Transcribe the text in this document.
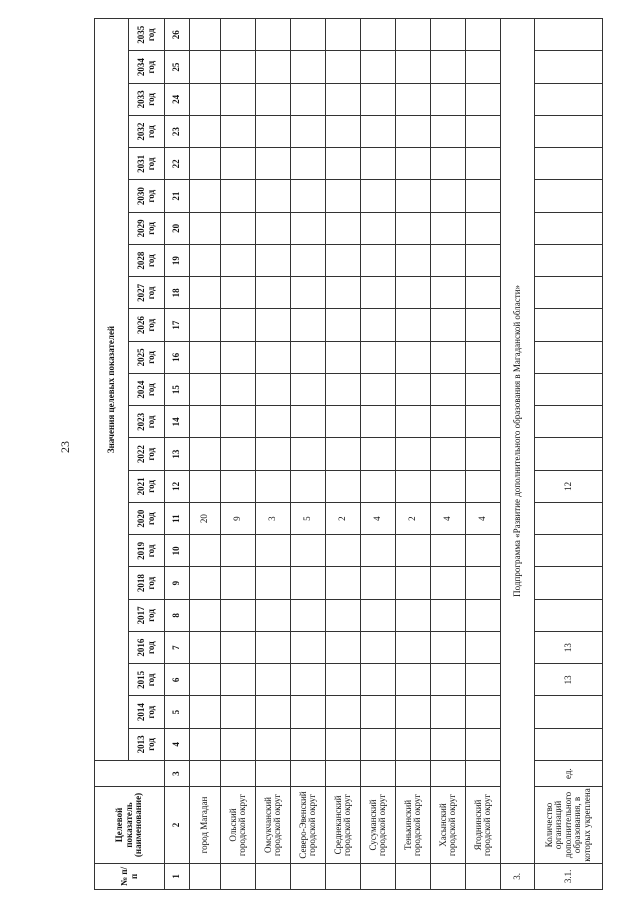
23
№ п/п	Целевой показатель (наименование)		Значения целевых показателей																						
			2013 год	2014 год	2015 год	2016 год	2017 год	2018 год	2019 год	2020 год	2021 год	2022 год	2023 год	2024 год	2025 год	2026 год	2027 год	2028 год	2029 год	2030 год	2031 год	2032 год	2033 год	2034 год	2035 год
1	2	3	4	5	6	7	8	9	10	11	12	13	14	15	16	17	18	19	20	21	22	23	24	25	26
	город Магадан									20															
	Ольский городской округ									9															
	Омсукчанский городской округ									3															
	Северо-Эвенский городской округ									5															
	Среднеканский городской округ									2															
	Сусуманский городской округ									4															
	Тенькинский городской округ									2															
	Хасынский городской округ									4															
	Ягоднинский городской округ									4															
3.	Подпрограмма «Развитие дополнительного образования в Магаданской области»																								
3.1.	Количество организаций дополнительного образования, в которых укреплена	ед.			13	13					12														
